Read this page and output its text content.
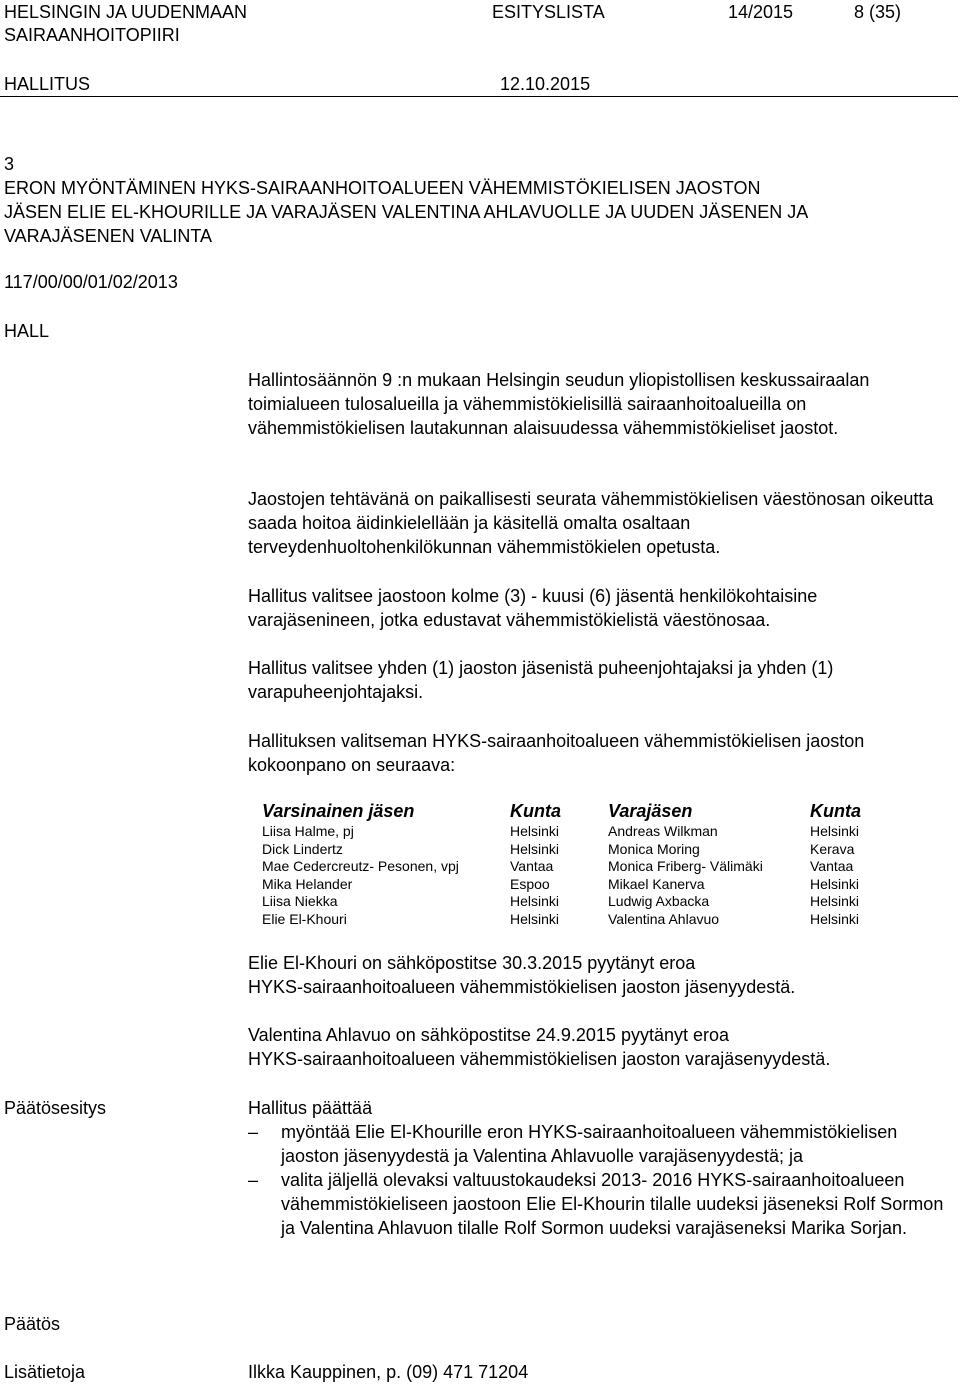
HELSINGIN JA UUDENMAAN
SAIRAANHOITOPIIRI
ESITYSLISTA	14/2015	8 (35)
HALLITUS	12.10.2015
3
ERON MYÖNTÄMINEN HYKS-SAIRAANHOITOALUEEN VÄHEMMISTÖKIELISEN JAOSTON
JÄSEN ELIE EL-KHOURILLE JA VARAJÄSEN VALENTINA AHLAVUOLLE JA UUDEN JÄSENEN JA
VARAJÄSENEN VALINTA
117/00/00/01/02/2013
HALL

Hallintosäännön 9 :n mukaan Helsingin seudun yliopistollisen keskussairaalan toimialueen tulosalueilla ja vähemmistökielisillä sairaanhoitoalueilla on vähemmistökielisen lautakunnan alaisuudessa vähemmistökieliset jaostot.

Jaostojen tehtävänä on paikallisesti seurata vähemmistökielisen väestönosan oikeutta saada hoitoa äidinkielellään ja käsitellä omalta osaltaan terveydenhuoltohenkilökunnan vähemmistökielen opetusta.

Hallitus valitsee jaostoon kolme (3) - kuusi (6) jäsentä henkilökohtaisine varajäsenineen, jotka edustavat vähemmistökielistä väestönosaa.

Hallitus valitsee yhden (1) jaoston jäsenistä puheenjohtajaksi ja yhden (1) varapuheenjohtajaksi.

Hallituksen valitseman HYKS-sairaanhoitoalueen vähemmistökielisen jaoston kokoonpano on seuraava:

Varsinainen jäsen	Kunta	Varajäsen	Kunta
Liisa Halme, pj	Helsinki	Andreas Wilkman	Helsinki
Dick Lindertz	Helsinki	Monica Moring	Kerava
Mae Cedercreutz- Pesonen, vpj	Vantaa	Monica Friberg- Välimäki	Vantaa
Mika Helander	Espoo	Mikael Kanerva	Helsinki
Liisa Niekka	Helsinki	Ludwig Axbacka	Helsinki
Elie El-Khouri	Helsinki	Valentina Ahlavuo	Helsinki
Elie El-Khouri on sähköpostitse 30.3.2015 pyytänyt eroa
HYKS-sairaanhoitoalueen vähemmistökielisen jaoston jäsenyydestä.
Valentina Ahlavuo on sähköpostitse 24.9.2015 pyytänyt eroa
HYKS-sairaanhoitoalueen vähemmistökielisen jaoston varajäsenyydestä.
Päätösesitys	Hallitus päättää
– myöntää Elie El-Khourille eron HYKS-sairaanhoitoalueen vähemmistökielisen jaoston jäsenyydestä ja Valentina Ahlavuolle varajäsenyydestä; ja
– valita jäljellä olevaksi valtuustokaudeksi 2013- 2016 HYKS-sairaanhoitoalueen vähemmistökieliseen jaostoon Elie El-Khourin tilalle uudeksi jäseneksi Rolf Sormon ja Valentina Ahlavuon tilalle Rolf Sormon uudeksi varajäseneksi Marika Sorjan.
Päätös
Lisätietoja	Ilkka Kauppinen, p. (09) 471 71204
